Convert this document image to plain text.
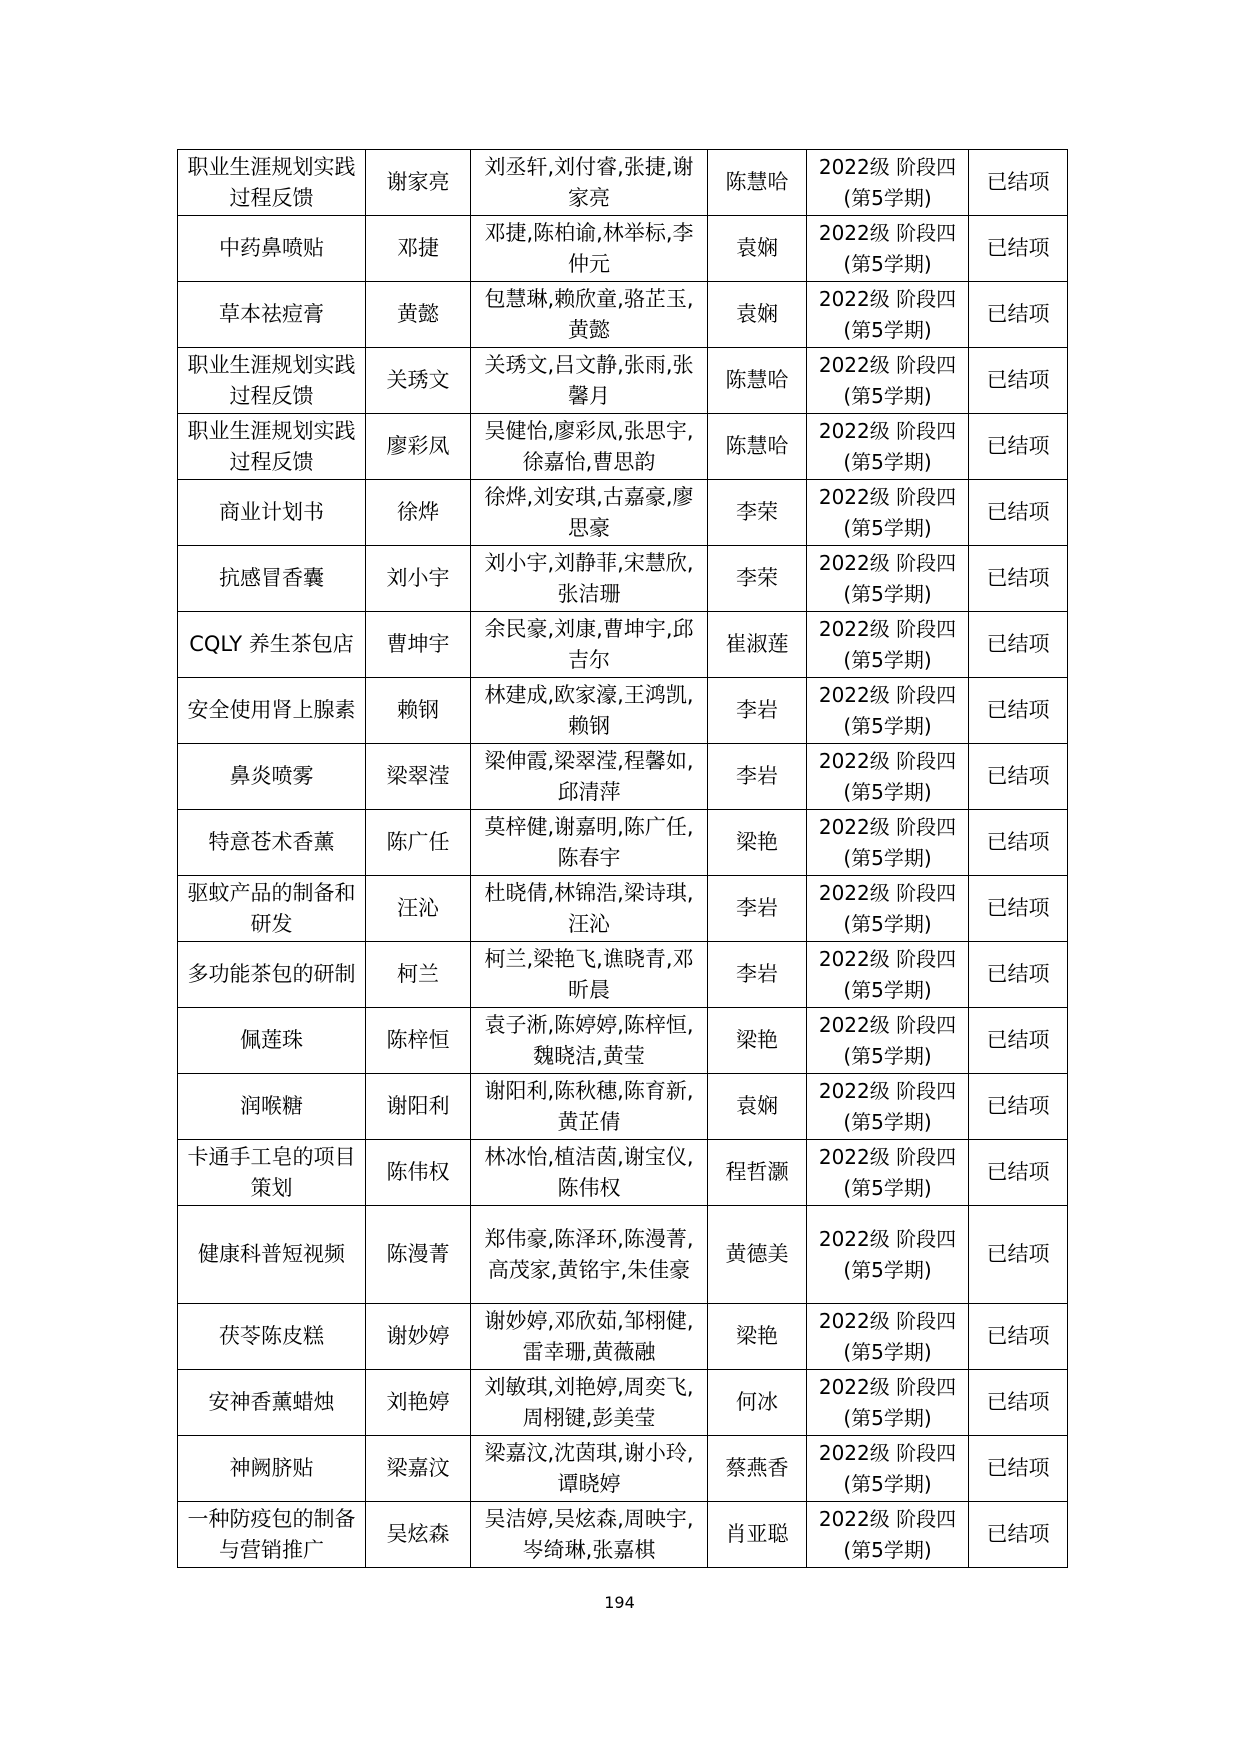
职业生涯规划实践过程反馈	谢家亮	刘丞轩,刘付睿,张捷,谢家亮	陈慧哈	2022级 阶段四(第5学期)	已结项
中药鼻喷贴	邓捷	邓捷,陈柏谕,林举标,李仲元	袁娴	2022级 阶段四(第5学期)	已结项
草本祛痘膏	黄懿	包慧琳,赖欣童,骆芷玉,黄懿	袁娴	2022级 阶段四(第5学期)	已结项
职业生涯规划实践过程反馈	关琇文	关琇文,吕文静,张雨,张馨月	陈慧哈	2022级 阶段四(第5学期)	已结项
职业生涯规划实践过程反馈	廖彩凤	吴健怡,廖彩凤,张思宇,徐嘉怡,曹思韵	陈慧哈	2022级 阶段四(第5学期)	已结项
商业计划书	徐烨	徐烨,刘安琪,古嘉豪,廖思豪	李荣	2022级 阶段四(第5学期)	已结项
抗感冒香囊	刘小宇	刘小宇,刘静菲,宋慧欣,张洁珊	李荣	2022级 阶段四(第5学期)	已结项
CQLY 养生茶包店	曹坤宇	余民豪,刘康,曹坤宇,邱吉尔	崔淑莲	2022级 阶段四(第5学期)	已结项
安全使用肾上腺素	赖钢	林建成,欧家濠,王鸿凯,赖钢	李岩	2022级 阶段四(第5学期)	已结项
鼻炎喷雾	梁翠滢	梁伸霞,梁翠滢,程馨如,邱清萍	李岩	2022级 阶段四(第5学期)	已结项
特意苍术香薰	陈广任	莫梓健,谢嘉明,陈广任,陈春宇	梁艳	2022级 阶段四(第5学期)	已结项
驱蚊产品的制备和研发	汪沁	杜晓倩,林锦浩,梁诗琪,汪沁	李岩	2022级 阶段四(第5学期)	已结项
多功能茶包的研制	柯兰	柯兰,梁艳飞,谯晓青,邓昕晨	李岩	2022级 阶段四(第5学期)	已结项
佩莲珠	陈梓恒	袁子淅,陈婷婷,陈梓恒,魏晓洁,黄莹	梁艳	2022级 阶段四(第5学期)	已结项
润喉糖	谢阳利	谢阳利,陈秋穗,陈育新,黄芷倩	袁娴	2022级 阶段四(第5学期)	已结项
卡通手工皂的项目策划	陈伟权	林冰怡,植洁茵,谢宝仪,陈伟权	程哲灏	2022级 阶段四(第5学期)	已结项
健康科普短视频	陈漫菁	郑伟豪,陈泽环,陈漫菁,高茂家,黄铭宇,朱佳豪	黄德美	2022级 阶段四(第5学期)	已结项
茯苓陈皮糕	谢妙婷	谢妙婷,邓欣茹,邹栩健,雷幸珊,黄薇融	梁艳	2022级 阶段四(第5学期)	已结项
安神香薰蜡烛	刘艳婷	刘敏琪,刘艳婷,周奕飞,周栩键,彭美莹	何冰	2022级 阶段四(第5学期)	已结项
神阙脐贴	梁嘉汶	梁嘉汶,沈茵琪,谢小玲,谭晓婷	蔡燕香	2022级 阶段四(第5学期)	已结项
一种防疫包的制备与营销推广	吴炫森	吴洁婷,吴炫森,周映宇,岑绮琳,张嘉棋	肖亚聪	2022级 阶段四(第5学期)	已结项
194
